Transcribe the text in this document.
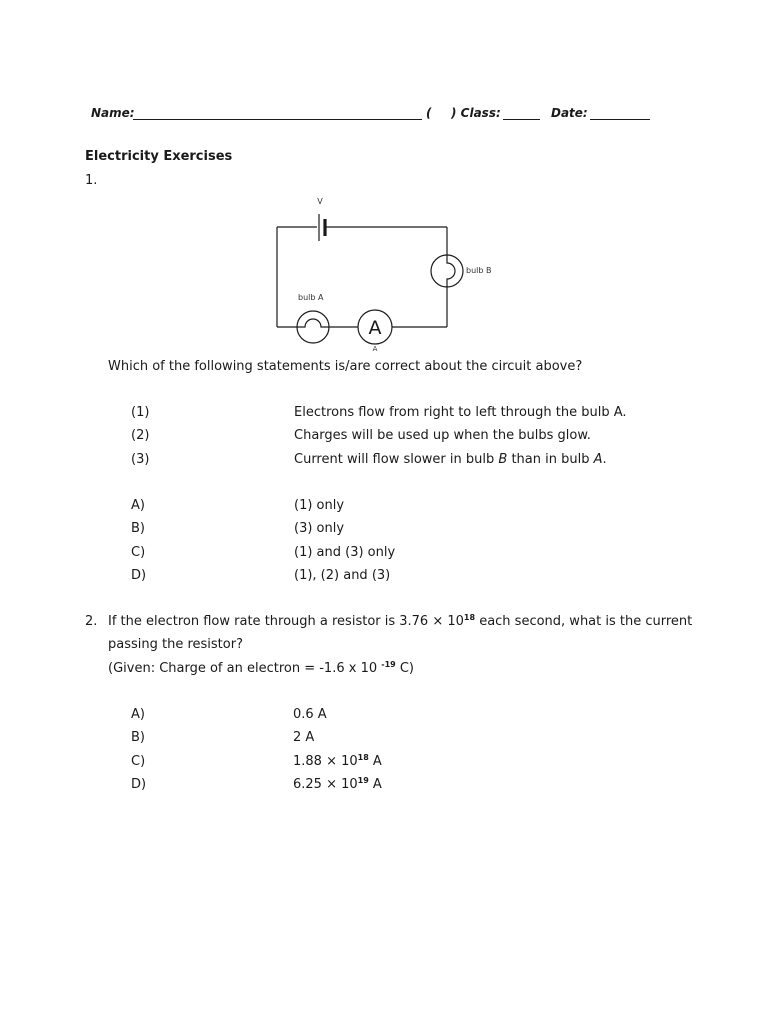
Name:	( ) Class:	Date:
Electricity Exercises
1.
V
bulb B
bulb A
A
A
Which of the following statements is/are correct about the circuit above?
(1)	Electrons flow from right to left through the bulb A.
(2)	Charges will be used up when the bulbs glow.
(3)	Current will flow slower in bulb B than in bulb A.
A)	(1) only
B)	(3) only
C)	(1) and (3) only
D)	(1), (2) and (3)
2. If the electron flow rate through a resistor is $3.76 \times 10^{18}$ each second, what is the current
passing the resistor?
(Given: Charge of an electron = -1.6 x 10 $^{-19}$ C)
A)	0.6 A
B)	2 A
C)	$1.88 \times 10^{18}$ A
D)	$6.25 \times 10^{19}$ A
